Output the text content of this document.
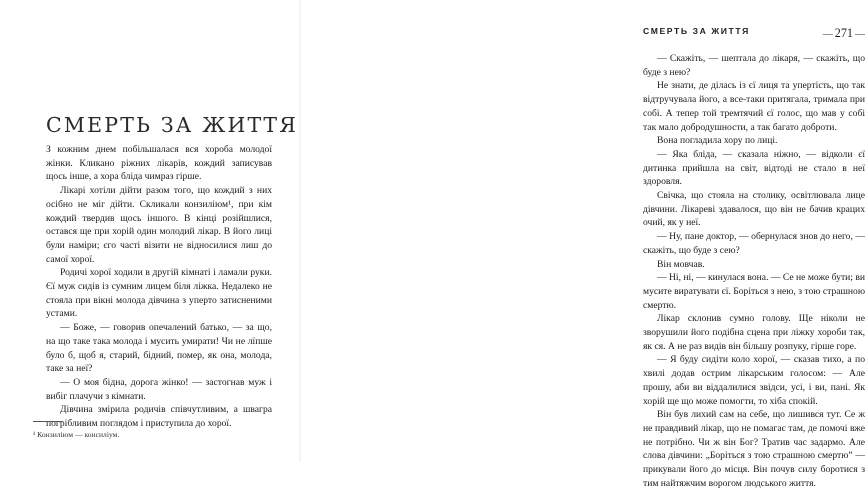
СМЕРТЬ ЗА ЖИТТЯ

З кожним днем побільшалася вся хороба молодої жінки. Кликано ріжних лікарів, кождий записував щось інше, а хора бліда чимраз гірше.

Лікарі хотіли дійти разом того, що кождий з них осібно не міг дійти. Скликали конзиліюм¹, при кім кождий твердив щось іншого. В кінці розійшлися, остався ще при хорій один молодий лікар. В його лиці були наміри; єго часті візити не відносилися лиш до самої хорої.

Родичі хорої ходили в другій кімнаті і ламали руки. Єї муж сидів із сумним лицем біля ліжка. Недалеко не стояла при вікні молода дівчина з уперто затисненими устами.

— Боже, — говорив опечалений батько, — за що, на що таке така молода і мусить умирати! Чи не лїпше було б, щоб я, старий, бідний, помер, як она, молода, таке за неї?

— О моя бідна, дорога жінко! — застогнав муж і вибіг плачучи з кімнати.

Дівчина змірила родичів співчутливим, а швагра погрібливим поглядом і приступила до хорої.

¹ Конзиліюм — консиліум.

СМЕРТЬ ЗА ЖИТТЯ	— 271 —

— Скажіть, — шептала до лікаря, — скажіть, що буде з нею?

Не знати, де ділась із єї лиця та упертість, що так відтручувала його, а все-таки притягала, тримала при собі. А тепер той тремтячий єї голос, що мав у собі так мало добродушности, а так багато доброти.

Вона погладила хору по лиці.

— Яка бліда, — сказала ніжно, — відколи єї дитинка прийшла на світ, відтоді не стало в неї здоровля.

Свічка, що стояла на столику, освітлювала лице дівчини. Лікареві здавалося, що він не бачив крацих очий, як у неї.

— Ну, пане доктор, — обернулася знов до него, — скажіть, що буде з сею?

Він мовчав.

— Ні, ні, — кинулася вона. — Се не може бути; ви мусите виратувати єї. Боріться з нею, з тою страшною смертю.

Лікар склонив сумно голову. Ще ніколи не зворушили його подібна сцена при ліжку хороби так, як ся. А не раз видів він більшу розпуку, гірше горе.

— Я буду сидіти коло хорої, — сказав тихо, а по хвилі додав острим лікарським голосом: — Але прошу, аби ви віддалилися звідси, усі, і ви, пані. Як хорій ще що може помогти, то хіба спокій.

Він був лихий сам на себе, що лишився тут. Се ж не правдивий лікар, що не помагає там, де помочі вже не потрібно. Чи ж він Бог? Тратив час задармо. Але слова дівчини: „Боріться з тою страшною смертю” — прикували його до місця. Він почув силу боротися з тим найтяжчим ворогом людського життя.
